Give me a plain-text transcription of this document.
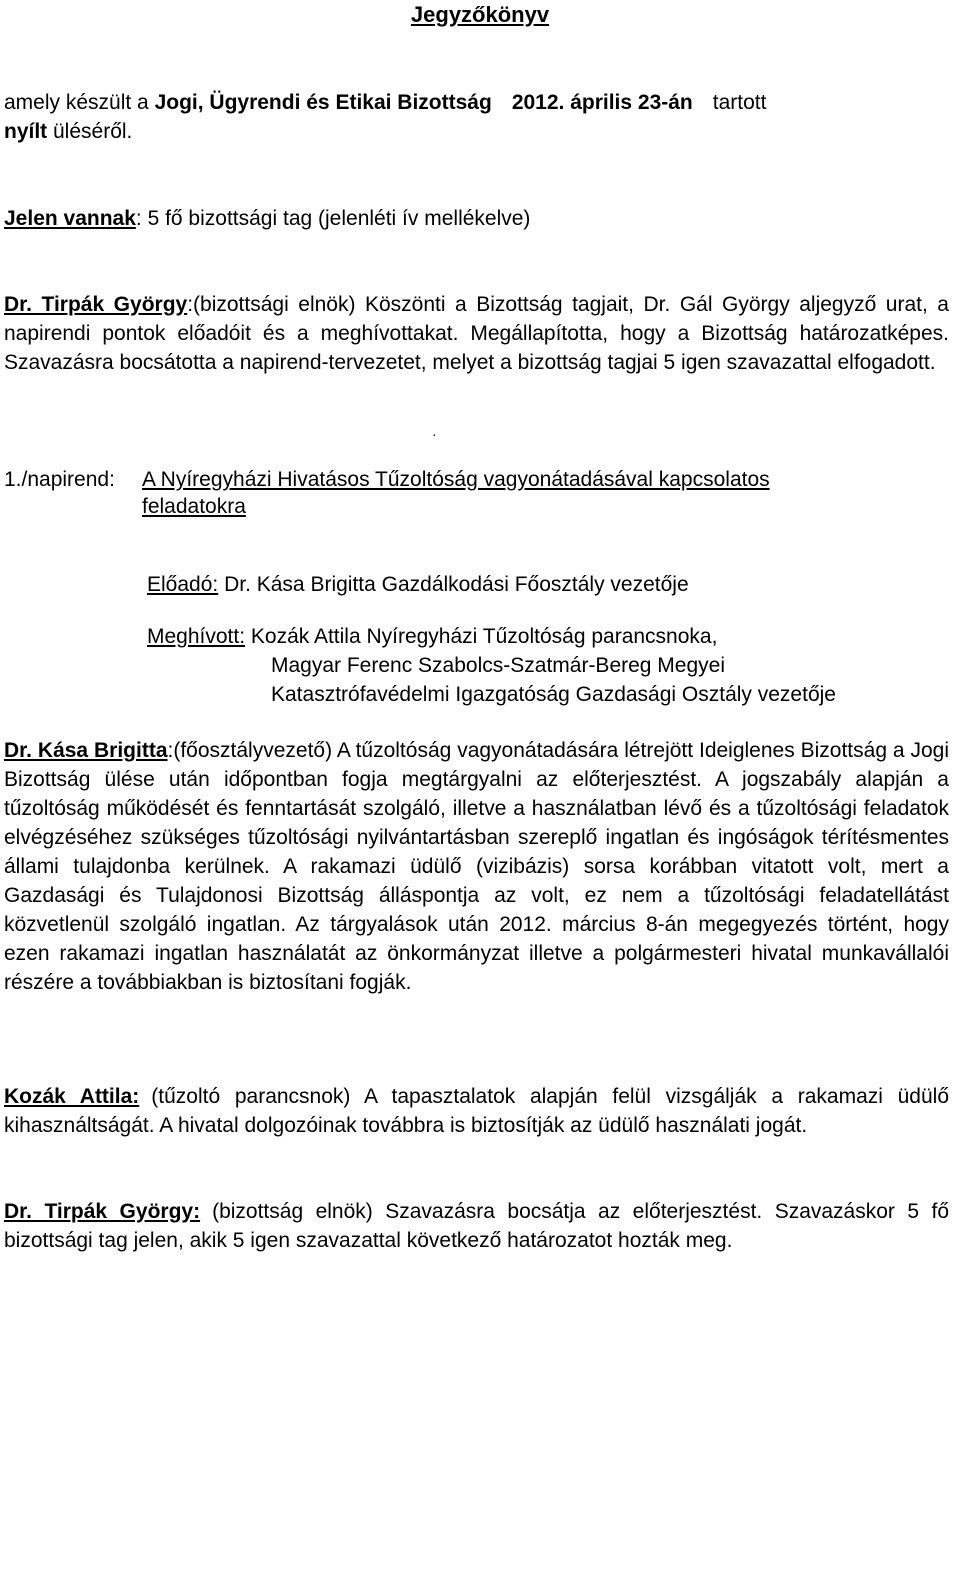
Jegyzőkönyv

amely készült a Jogi, Ügyrendi és Etikai Bizottság 2012. április 23-án tartott
nyílt üléséről.

Jelen vannak: 5 fő bizottsági tag (jelenléti ív mellékelve)

Dr. Tirpák György:(bizottsági elnök) Köszönti a Bizottság tagjait, Dr. Gál György aljegyző urat, a napirendi pontok előadóit és a meghívottakat. Megállapította, hogy a Bizottság határozatképes. Szavazásra bocsátotta a napirend-tervezetet, melyet a bizottság tagjai 5 igen szavazattal elfogadott.

·
1./napirend: A Nyíregyházi Hivatásos Tűzoltóság vagyonátadásával kapcsolatos
feladatokra
Előadó: Dr. Kása Brigitta Gazdálkodási Főosztály vezetője
Meghívott: Kozák Attila Nyíregyházi Tűzoltóság parancsnoka,
Magyar Ferenc Szabolcs-Szatmár-Bereg Megyei
Katasztrófavédelmi Igazgatóság Gazdasági Osztály vezetője

Dr. Kása Brigitta:(főosztályvezető) A tűzoltóság vagyonátadására létrejött Ideiglenes Bizottság a Jogi Bizottság ülése után időpontban fogja megtárgyalni az előterjesztést. A jogszabály alapján a tűzoltóság működését és fenntartását szolgáló, illetve a használatban lévő és a tűzoltósági feladatok elvégzéséhez szükséges tűzoltósági nyilvántartásban szereplő ingatlan és ingóságok térítésmentes állami tulajdonba kerülnek. A rakamazi üdülő (vizibázis) sorsa korábban vitatott volt, mert a Gazdasági és Tulajdonosi Bizottság álláspontja az volt, ez nem a tűzoltósági feladatellátást közvetlenül szolgáló ingatlan. Az tárgyalások után 2012. március 8-án megegyezés történt, hogy ezen rakamazi ingatlan használatát az önkormányzat illetve a polgármesteri hivatal munkavállalói részére a továbbiakban is biztosítani fogják.

Kozák Attila: (tűzoltó parancsnok) A tapasztalatok alapján felül vizsgálják a rakamazi üdülő kihasználtságát. A hivatal dolgozóinak továbbra is biztosítják az üdülő használati jogát.

Dr. Tirpák György: (bizottság elnök) Szavazásra bocsátja az előterjesztést. Szavazáskor 5 fő bizottsági tag jelen, akik 5 igen szavazattal következő határozatot hozták meg.
